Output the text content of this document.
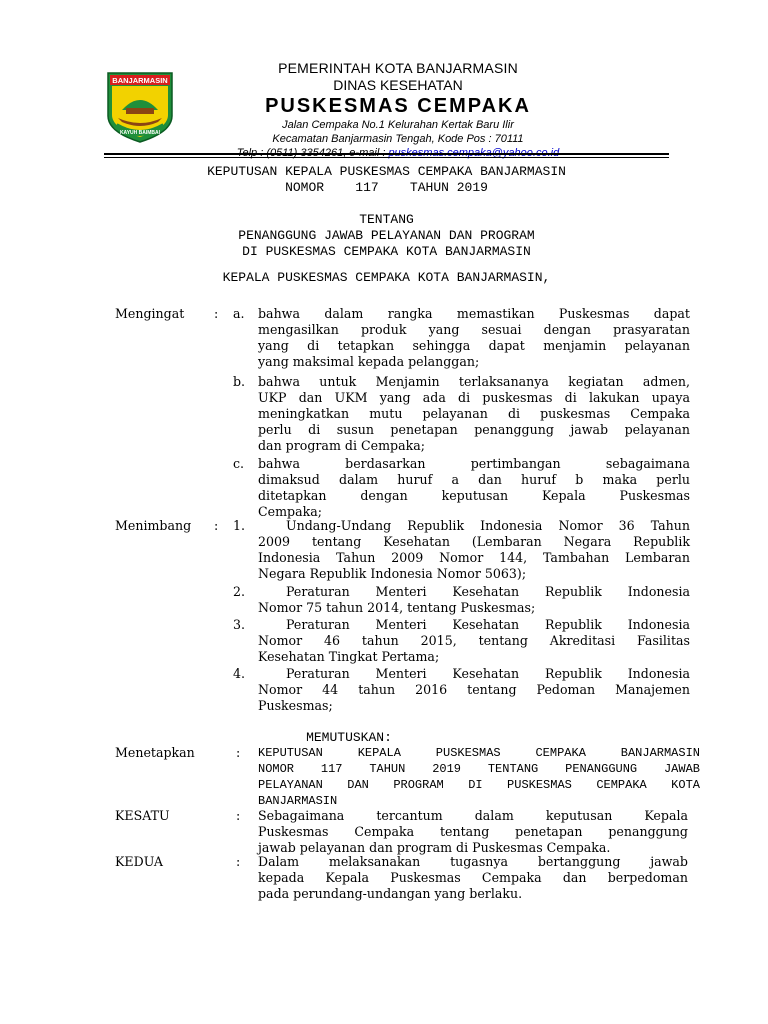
BANJARMASIN
KAYUH BAIMBAI
PEMERINTAH KOTA BANJARMASIN
DINAS KESEHATAN
PUSKESMAS CEMPAKA
Jalan Cempaka No.1 Kelurahan Kertak Baru Ilir
Kecamatan Banjarmasin Tengah, Kode Pos : 70111
KEPUTUSAN KEPALA PUSKESMAS CEMPAKA BANJARMASIN
NOMOR 117 TAHUN 2019
TENTANG
PENANGGUNG JAWAB PELAYANAN DAN PROGRAM
DI PUSKESMAS CEMPAKA KOTA BANJARMASIN
KEPALA PUSKESMAS CEMPAKA KOTA BANJARMASIN,
Mengingat : a. bahwa dalam rangka memastikan Puskesmas dapat
mengasilkan produk yang sesuai dengan prasyaratan
yang di tetapkan sehingga dapat menjamin pelayanan
yang maksimal kepada pelanggan;
b. bahwa untuk Menjamin terlaksananya kegiatan admen,
UKP dan UKM yang ada di puskesmas di lakukan upaya
meningkatkan mutu pelayanan di puskesmas Cempaka
perlu di susun penetapan penanggung jawab pelayanan
dan program di Cempaka;
c. bahwa berdasarkan pertimbangan sebagaimana
dimaksud dalam huruf a dan huruf b maka perlu
ditetapkan dengan keputusan Kepala Puskesmas
Cempaka;
Menimbang : 1.	Undang-Undang Republik Indonesia Nomor 36 Tahun
2009 tentang Kesehatan (Lembaran Negara Republik
Indonesia Tahun 2009 Nomor 144, Tambahan Lembaran
Negara Republik Indonesia Nomor 5063);
2.	Peraturan Menteri Kesehatan Republik Indonesia
Nomor 75 tahun 2014, tentang Puskesmas;
3.	Peraturan Menteri Kesehatan Republik Indonesia
Nomor 46 tahun 2015, tentang Akreditasi Fasilitas
Kesehatan Tingkat Pertama;
4.	Peraturan Menteri Kesehatan Republik Indonesia
Nomor 44 tahun 2016 tentang Pedoman Manajemen
Puskesmas;
MEMUTUSKAN:
Menetapkan	: KEPUTUSAN KEPALA PUSKESMAS CEMPAKA BANJARMASIN
NOMOR 117 TAHUN 2019 TENTANG PENANGGUNG JAWAB
PELAYANAN DAN PROGRAM DI PUSKESMAS CEMPAKA KOTA
BANJARMASIN
KESATU	: Sebagaimana tercantum dalam keputusan Kepala
Puskesmas Cempaka tentang penetapan penanggung
jawab pelayanan dan program di Puskesmas Cempaka.
KEDUA	: Dalam melaksanakan tugasnya bertanggung jawab
kepada Kepala Puskesmas Cempaka dan berpedoman
pada perundang-undangan yang berlaku.
